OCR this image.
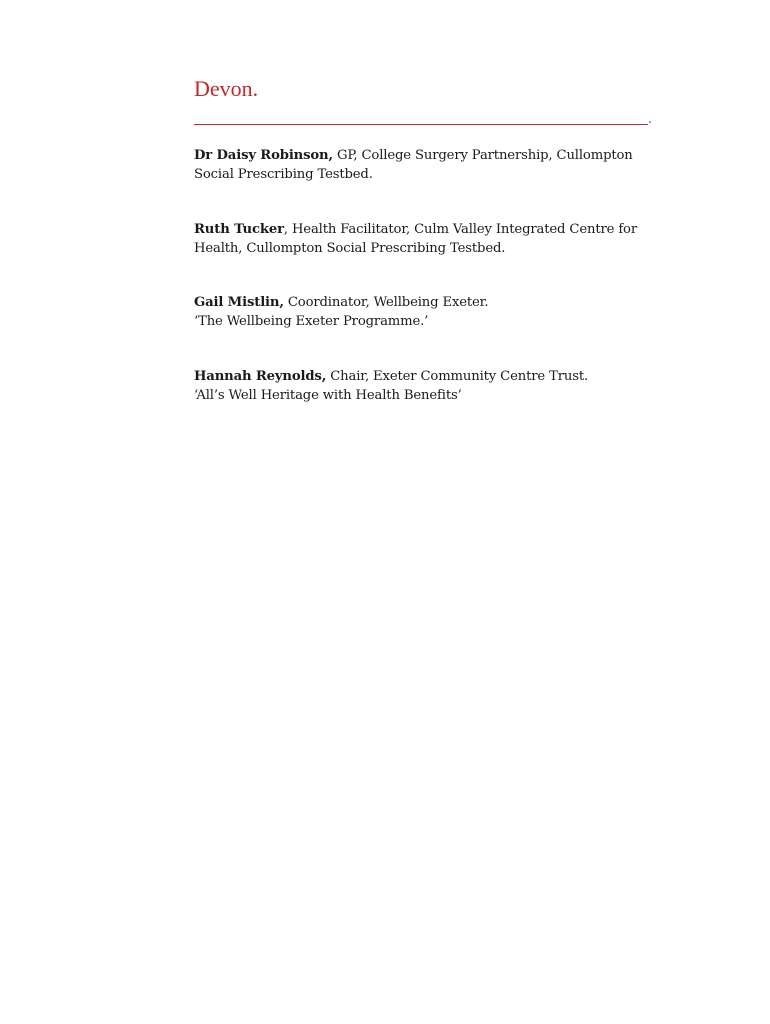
Devon.
.
Dr Daisy Robinson, GP, College Surgery Partnership, Cullompton
Social Prescribing Testbed.
Ruth Tucker, Health Facilitator, Culm Valley Integrated Centre for
Health, Cullompton Social Prescribing Testbed.
Gail Mistlin, Coordinator, Wellbeing Exeter.
‘The Wellbeing Exeter Programme.’
Hannah Reynolds, Chair, Exeter Community Centre Trust.
‘All’s Well Heritage with Health Benefits’
